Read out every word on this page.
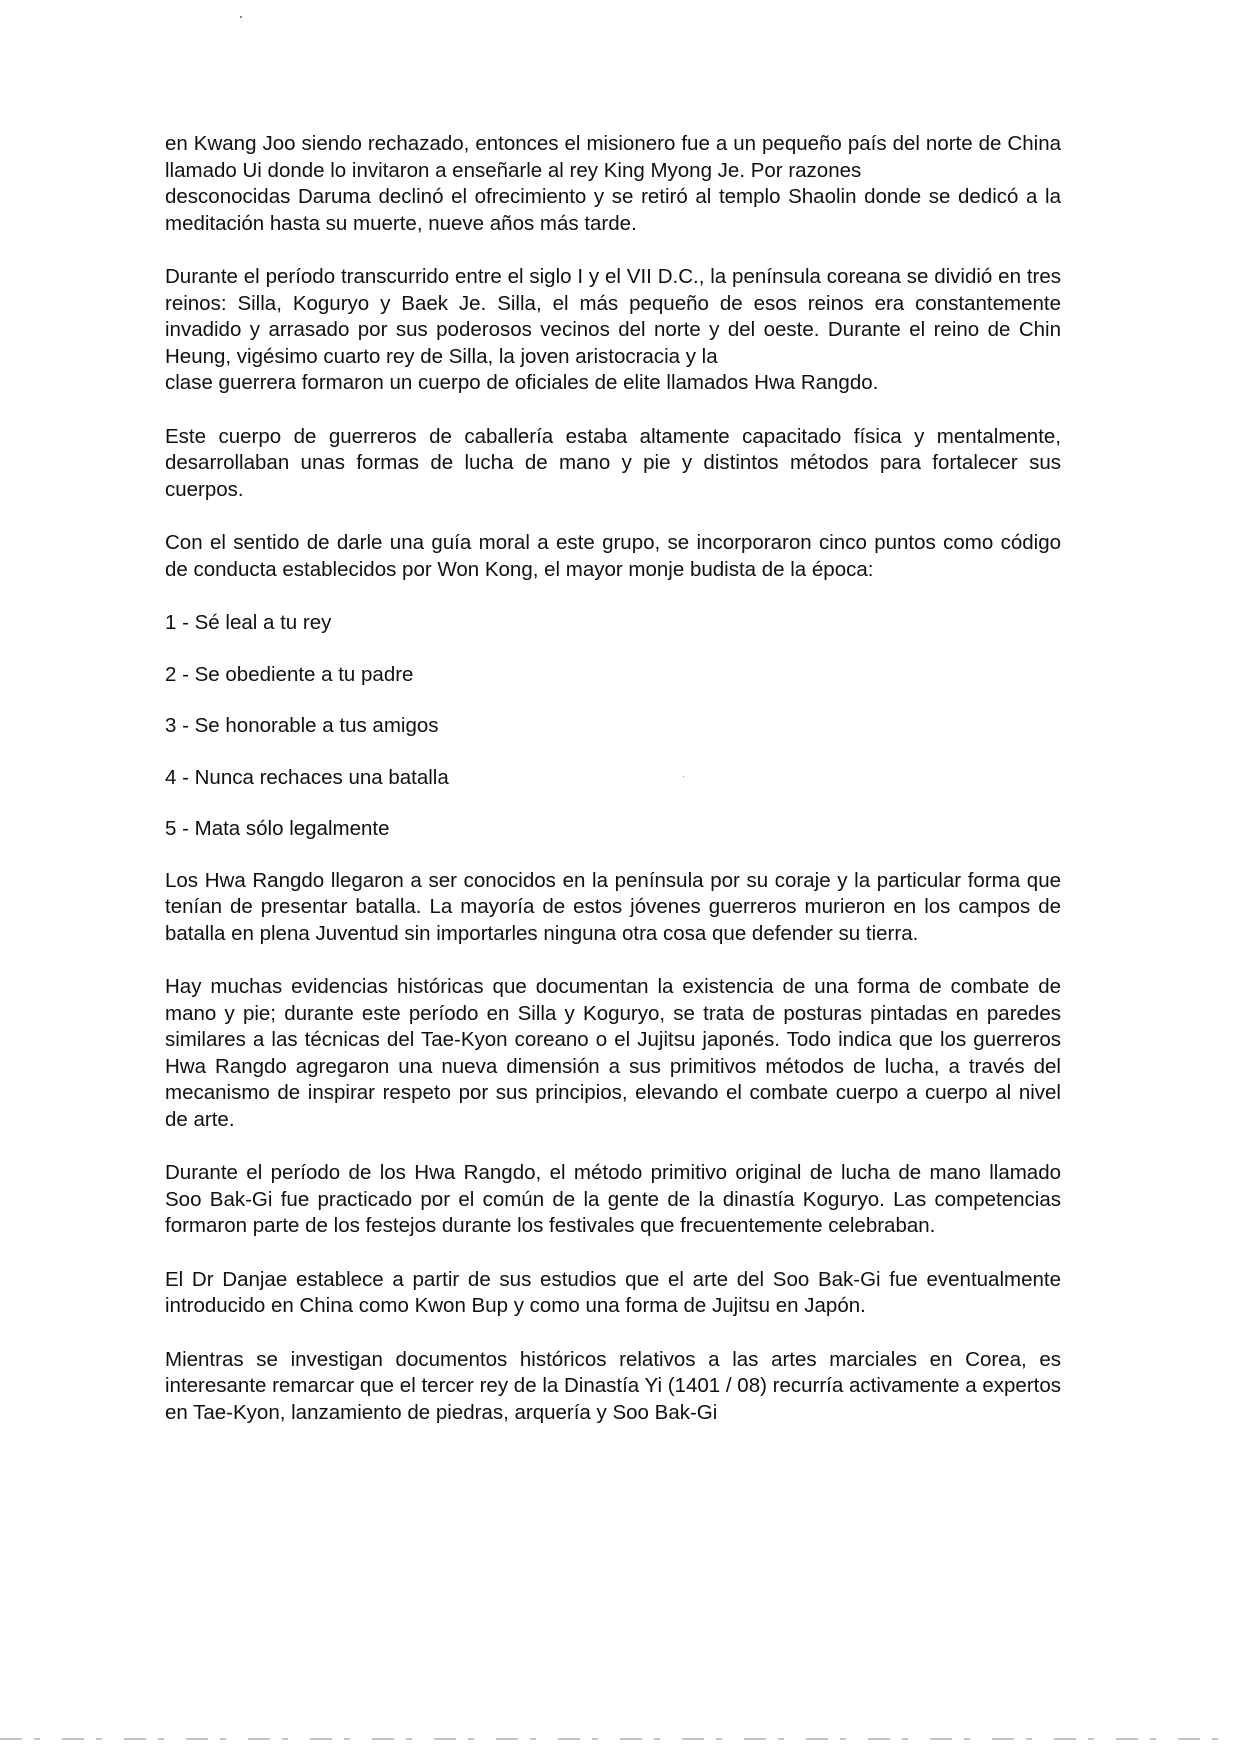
en Kwang Joo siendo rechazado, entonces el misionero fue a un pequeño país del norte de China llamado Ui donde lo invitaron a enseñarle al rey King Myong Je. Por razones
desconocidas Daruma declinó el ofrecimiento y se retiró al templo Shaolin donde se dedicó a la meditación hasta su muerte, nueve años más tarde.

Durante el período transcurrido entre el siglo I y el VII D.C., la península coreana se dividió en tres reinos: Silla, Koguryo y Baek Je. Silla, el más pequeño de esos reinos era constantemente invadido y arrasado por sus poderosos vecinos del norte y del oeste. Durante el reino de Chin Heung, vigésimo cuarto rey de Silla, la joven aristocracia y la
clase guerrera formaron un cuerpo de oficiales de elite llamados Hwa Rangdo.

Este cuerpo de guerreros de caballería estaba altamente capacitado física y mentalmente, desarrollaban unas formas de lucha de mano y pie y distintos métodos para fortalecer sus cuerpos.

Con el sentido de darle una guía moral a este grupo, se incorporaron cinco puntos como código de conducta establecidos por Won Kong, el mayor monje budista de la época:

1 - Sé leal a tu rey
2 - Se obediente a tu padre
3 - Se honorable a tus amigos
4 - Nunca rechaces una batalla
5 - Mata sólo legalmente

Los Hwa Rangdo llegaron a ser conocidos en la península por su coraje y la particular forma que tenían de presentar batalla. La mayoría de estos jóvenes guerreros murieron en los campos de batalla en plena Juventud sin importarles ninguna otra cosa que defender su tierra.

Hay muchas evidencias históricas que documentan la existencia de una forma de combate de mano y pie; durante este período en Silla y Koguryo, se trata de posturas pintadas en paredes similares a las técnicas del Tae-Kyon coreano o el Jujitsu japonés. Todo indica que los guerreros Hwa Rangdo agregaron una nueva dimensión a sus primitivos métodos de lucha, a través del mecanismo de inspirar respeto por sus principios, elevando el combate cuerpo a cuerpo al nivel de arte.

Durante el período de los Hwa Rangdo, el método primitivo original de lucha de mano llamado Soo Bak-Gi fue practicado por el común de la gente de la dinastía Koguryo. Las competencias formaron parte de los festejos durante los festivales que frecuentemente celebraban.

El Dr Danjae establece a partir de sus estudios que el arte del Soo Bak-Gi fue eventualmente introducido en China como Kwon Bup y como una forma de Jujitsu en Japón.

Mientras se investigan documentos históricos relativos a las artes marciales en Corea, es interesante remarcar que el tercer rey de la Dinastía Yi (1401 / 08) recurría activamente a expertos en Tae-Kyon, lanzamiento de piedras, arquería y Soo Bak-Gi
